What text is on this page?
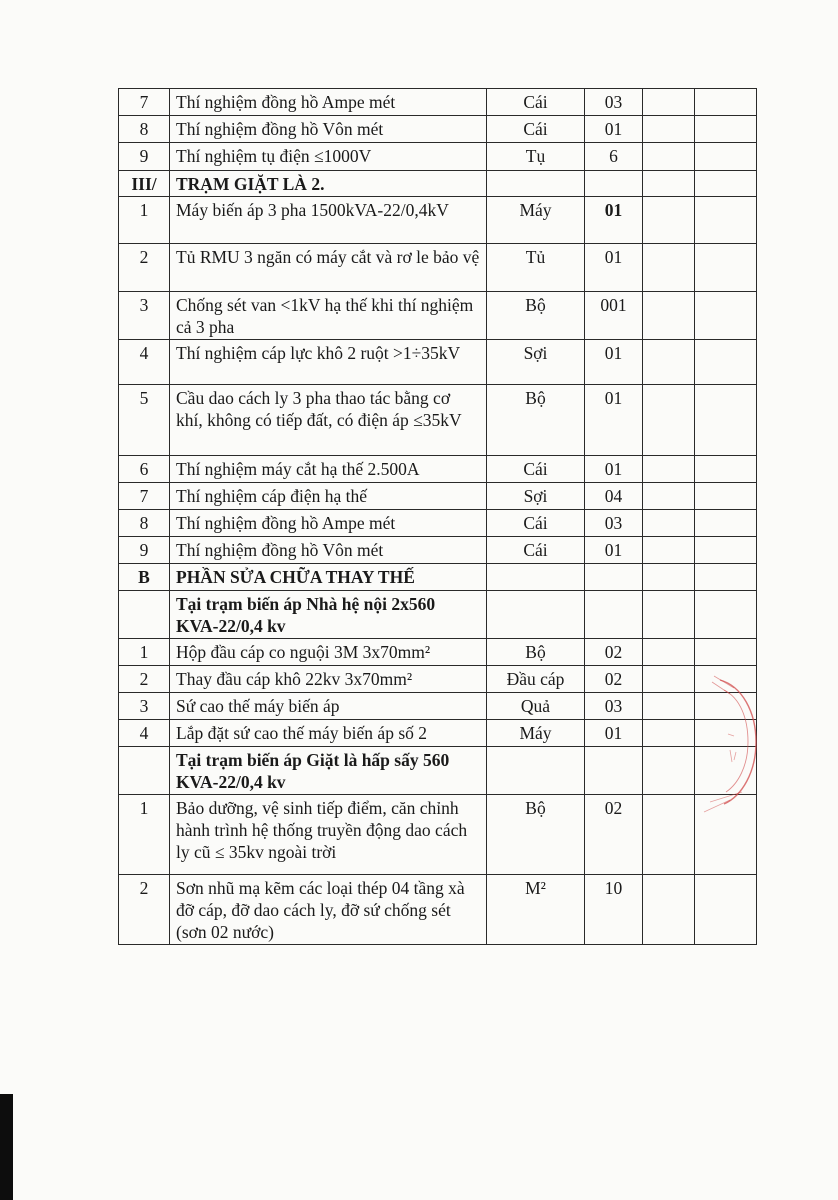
7	Thí nghiệm đồng hồ Ampe mét	Cái	03		
8	Thí nghiệm đồng hồ Vôn mét	Cái	01		
9	Thí nghiệm tụ điện ≤1000V	Tụ	6		
III/	TRẠM GIẶT LÀ 2.				
1	Máy biến áp 3 pha 1500kVA-22/0,4kV	Máy	01		
2	Tủ RMU 3 ngăn có máy cắt và rơ le bảo vệ	Tủ	01		
3	Chống sét van <1kV hạ thế khi thí nghiệm cả 3 pha	Bộ	001		
4	Thí nghiệm cáp lực khô 2 ruột >1÷35kV	Sợi	01		
5	Cầu dao cách ly 3 pha thao tác bằng cơ khí, không có tiếp đất, có điện áp ≤35kV	Bộ	01		
6	Thí nghiệm máy cắt hạ thế 2.500A	Cái	01		
7	Thí nghiệm cáp điện hạ thế	Sợi	04		
8	Thí nghiệm đồng hồ Ampe mét	Cái	03		
9	Thí nghiệm đồng hồ Vôn mét	Cái	01		
B	PHẦN SỬA CHỮA THAY THẾ				
	Tại trạm biến áp Nhà hệ nội 2x560 KVA-22/0,4 kv				
1	Hộp đầu cáp co nguội 3M 3x70mm²	Bộ	02		
2	Thay đầu cáp khô 22kv 3x70mm²	Đầu cáp	02		
3	Sứ cao thế máy biến áp	Quả	03		
4	Lắp đặt sứ cao thế máy biến áp số 2	Máy	01		
	Tại trạm biến áp Giặt là hấp sấy 560 KVA-22/0,4 kv				
1	Bảo dưỡng, vệ sinh tiếp điểm, căn chỉnh hành trình hệ thống truyền động dao cách ly cũ ≤ 35kv ngoài trời	Bộ	02		
2	Sơn nhũ mạ kẽm các loại thép 04 tầng xà đỡ cáp, đỡ dao cách ly, đỡ sứ chống sét (sơn 02 nước)	M²	10		
